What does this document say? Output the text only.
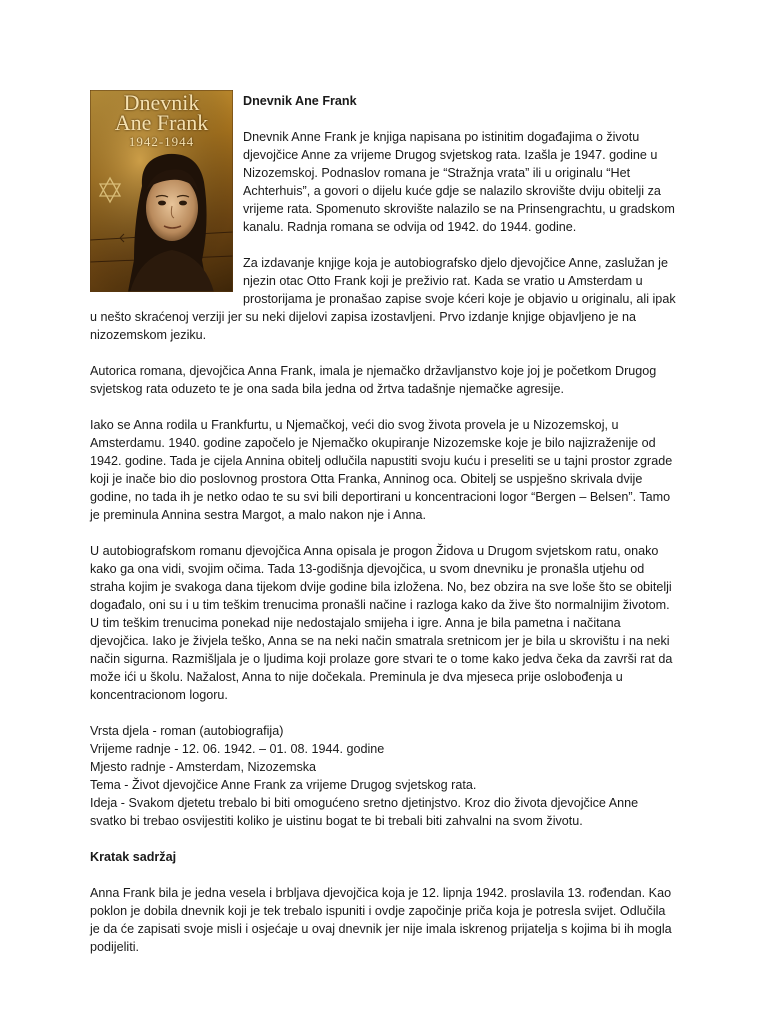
Dnevnik
Ane Frank
1942-1944
Dnevnik Ane Frank

Dnevnik Anne Frank je knjiga napisana po istinitim događajima o životu djevojčice Anne za vrijeme Drugog svjetskog rata. Izašla je 1947. godine u Nizozemskoj. Podnaslov romana je “Stražnja vrata” ili u originalu “Het Achterhuis”, a govori o dijelu kuće gdje se nalazilo skrovište dviju obitelji za vrijeme rata. Spomenuto skrovište nalazilo se na Prinsengrachtu, u gradskom kanalu. Radnja romana se odvija od 1942. do 1944. godine.

Za izdavanje knjige koja je autobiografsko djelo djevojčice Anne, zaslužan je njezin otac Otto Frank koji je preživio rat. Kada se vratio u Amsterdam u prostorijama je pronašao zapise svoje kćeri koje je objavio u originalu, ali ipak u nešto skraćenoj verziji jer su neki dijelovi zapisa izostavljeni. Prvo izdanje knjige objavljeno je na nizozemskom jeziku.

Autorica romana, djevojčica Anna Frank, imala je njemačko državljanstvo koje joj je početkom Drugog svjetskog rata oduzeto te je ona sada bila jedna od žrtva tadašnje njemačke agresije.

Iako se Anna rodila u Frankfurtu, u Njemačkoj, veći dio svog života provela je u Nizozemskoj, u Amsterdamu. 1940. godine započelo je Njemačko okupiranje Nizozemske koje je bilo najizraženije od 1942. godine. Tada je cijela Annina obitelj odlučila napustiti svoju kuću i preseliti se u tajni prostor zgrade koji je inače bio dio poslovnog prostora Otta Franka, Anninog oca. Obitelj se uspješno skrivala dvije godine, no tada ih je netko odao te su svi bili deportirani u koncentracioni logor “Bergen – Belsen”. Tamo je preminula Annina sestra Margot, a malo nakon nje i Anna.

U autobiografskom romanu djevojčica Anna opisala je progon Židova u Drugom svjetskom ratu, onako kako ga ona vidi, svojim očima. Tada 13-godišnja djevojčica, u svom dnevniku je pronašla utjehu od straha kojim je svakoga dana tijekom dvije godine bila izložena. No, bez obzira na sve loše što se obitelji događalo, oni su i u tim teškim trenucima pronašli načine i razloga kako da žive što normalnijim životom. U tim teškim trenucima ponekad nije nedostajalo smijeha i igre. Anna je bila pametna i načitana djevojčica. Iako je živjela teško, Anna se na neki način smatrala sretnicom jer je bila u skrovištu i na neki način sigurna. Razmišljala je o ljudima koji prolaze gore stvari te o tome kako jedva čeka da završi rat da može ići u školu. Nažalost, Anna to nije dočekala. Preminula je dva mjeseca prije oslobođenja u koncentracionom logoru.

Vrsta djela - roman (autobiografija)

Vrijeme radnje - 12. 06. 1942. – 01. 08. 1944. godine

Mjesto radnje - Amsterdam, Nizozemska

Tema - Život djevojčice Anne Frank za vrijeme Drugog svjetskog rata.

Ideja - Svakom djetetu trebalo bi biti omogućeno sretno djetinjstvo. Kroz dio života djevojčice Anne svatko bi trebao osvijestiti koliko je uistinu bogat te bi trebali biti zahvalni na svom životu.

Kratak sadržaj

Anna Frank bila je jedna vesela i brbljava djevojčica koja je 12. lipnja 1942. proslavila 13. rođendan. Kao poklon je dobila dnevnik koji je tek trebalo ispuniti i ovdje započinje priča koja je potresla svijet. Odlučila je da će zapisati svoje misli i osjećaje u ovaj dnevnik jer nije imala iskrenog prijatelja s kojima bi ih mogla podijeliti.
